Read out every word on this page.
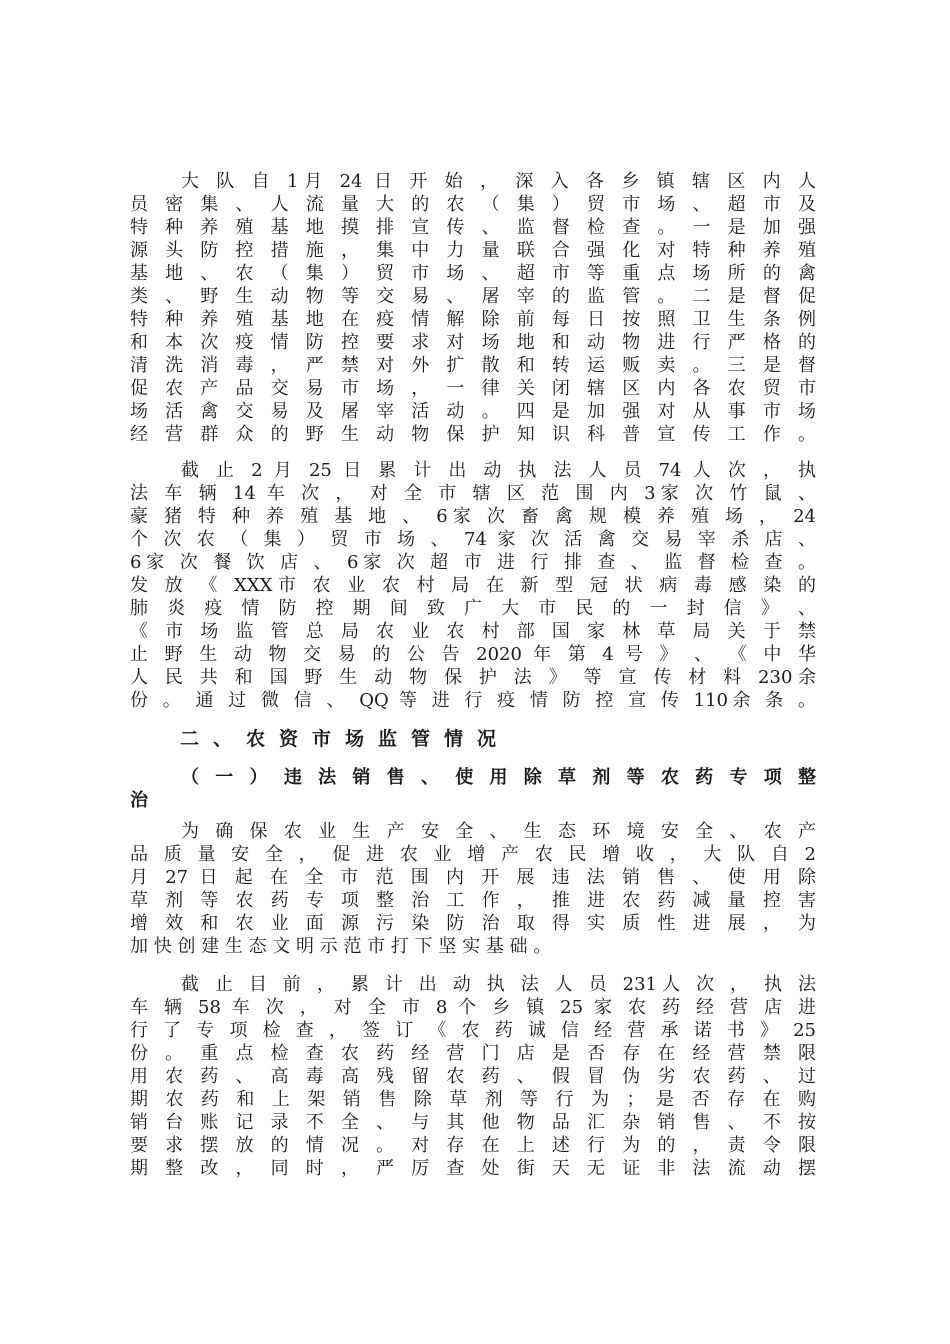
大 队 自 1月 24 日 开 始 ， 深 入 各 乡 镇 辖 区 内 人
员 密 集 、 人 流 量 大 的 农 （ 集 ） 贸 市 场 、 超 市 及
特 种 养 殖 基 地 摸 排 宣 传 、 监 督 检 查 。 一 是 加 强
源 头 防 控 措 施 ， 集 中 力 量 联 合 强 化 对 特 种 养 殖
基 地 、 农 （ 集 ） 贸 市 场 、 超 市 等 重 点 场 所 的 禽
类 、 野 生 动 物 等 交 易 、 屠 宰 的 监 管 。 二 是 督 促
特 种 养 殖 基 地 在 疫 情 解 除 前 每 日 按 照 卫 生 条 例
和 本 次 疫 情 防 控 要 求 对 场 地 和 动 物 进 行 严 格 的
清 洗 消 毒 ， 严 禁 对 外 扩 散 和 转 运 贩 卖 。 三 是 督
促 农 产 品 交 易 市 场 ， 一 律 关 闭 辖 区 内 各 农 贸 市
场 活 禽 交 易 及 屠 宰 活 动 。 四 是 加 强 对 从 事 市 场
经 营 群 众 的 野 生 动 物 保 护 知 识 科 普 宣 传 工 作 。
截 止 2 月 25 日 累 计 出 动 执 法 人 员 74 人 次 ， 执
法 车 辆 14 车 次 ， 对 全 市 辖 区 范 围 内 3家 次 竹 鼠 、
豪 猪 特 种 养 殖 基 地 、 6家 次 畜 禽 规 模 养 殖 场 ， 24
个 次 农 （ 集 ） 贸 市 场 、 74 家 次 活 禽 交 易 宰 杀 店 、
6家 次 餐 饮 店 、 6家 次 超 市 进 行 排 查 、 监 督 检 查 。
发 放 《 XXX市 农 业 农 村 局 在 新 型 冠 状 病 毒 感 染 的
肺 炎 疫 情 防 控 期 间 致 广 大 市 民 的 一 封 信 》 、
《 市 场 监 管 总 局 农 业 农 村 部 国 家 林 草 局 关 于 禁
止 野 生 动 物 交 易 的 公 告 2020 年 第 4 号 》 、 《 中 华
人 民 共 和 国 野 生 动 物 保 护 法 》 等 宣 传 材 料 230余
份 。 通 过 微 信 、 QQ 等 进 行 疫 情 防 控 宣 传 110余 条 。
二、农资市场监管情况
（ 一 ） 违 法 销 售 、 使 用 除 草 剂 等 农 药 专 项 整
治
为 确 保 农 业 生 产 安 全 、 生 态 环 境 安 全 、 农 产
品 质 量 安 全 ， 促 进 农 业 增 产 农 民 增 收 ， 大 队 自 2
月 27 日 起 在 全 市 范 围 内 开 展 违 法 销 售 、 使 用 除
草 剂 等 农 药 专 项 整 治 工 作 ， 推 进 农 药 减 量 控 害
增 效 和 农 业 面 源 污 染 防 治 取 得 实 质 性 进 展 ， 为
加 快 创 建 生 态 文 明 示 范 市 打 下 坚 实 基 础 。
截 止 目 前 ， 累 计 出 动 执 法 人 员 231人 次 ， 执 法
车 辆 58 车 次 ， 对 全 市 8 个 乡 镇 25 家 农 药 经 营 店 进
行 了 专 项 检 查 ， 签 订 《 农 药 诚 信 经 营 承 诺 书 》 25
份 。 重 点 检 查 农 药 经 营 门 店 是 否 存 在 经 营 禁 限
用 农 药 、 高 毒 高 残 留 农 药 、 假 冒 伪 劣 农 药 、 过
期 农 药 和 上 架 销 售 除 草 剂 等 行 为 ； 是 否 存 在 购
销 台 账 记 录 不 全 、 与 其 他 物 品 汇 杂 销 售 、 不 按
要 求 摆 放 的 情 况 。 对 存 在 上 述 行 为 的 ， 责 令 限
期 整 改 ， 同 时 ， 严 厉 查 处 街 天 无 证 非 法 流 动 摆
